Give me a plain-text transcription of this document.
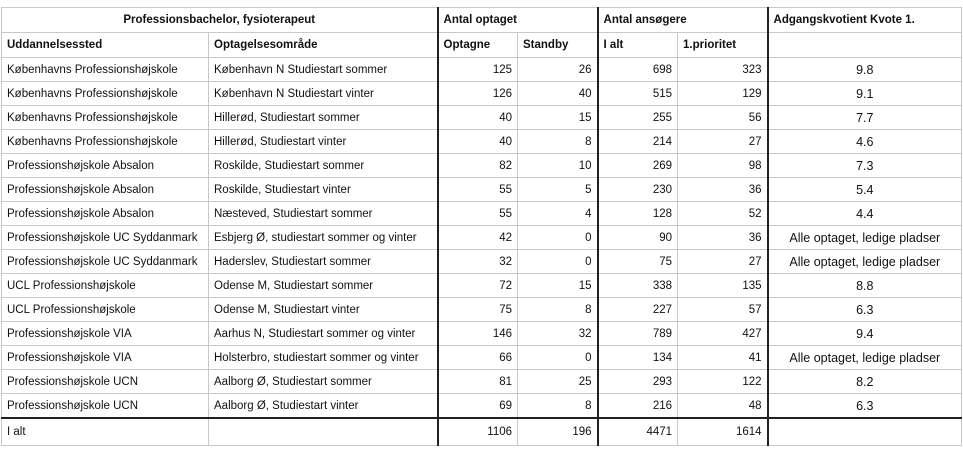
Professionsbachelor, fysioterapeut		Antal optaget		Antal ansøgere		Adgangskvotient Kvote 1.
Uddannelsessted	Optagelsesområde	Optagne	Standby	I alt	1.prioritet	
Københavns Professionshøjskole	København N Studiestart sommer	125	26	698	323	9.8
Københavns Professionshøjskole	København N Studiestart vinter	126	40	515	129	9.1
Københavns Professionshøjskole	Hillerød, Studiestart sommer	40	15	255	56	7.7
Københavns Professionshøjskole	Hillerød, Studiestart vinter	40	8	214	27	4.6
Professionshøjskole Absalon	Roskilde, Studiestart sommer	82	10	269	98	7.3
Professionshøjskole Absalon	Roskilde, Studiestart vinter	55	5	230	36	5.4
Professionshøjskole Absalon	Næsteved, Studiestart sommer	55	4	128	52	4.4
Professionshøjskole UC Syddanmark	Esbjerg Ø, studiestart sommer og vinter	42	0	90	36	Alle optaget, ledige pladser
Professionshøjskole UC Syddanmark	Haderslev, Studiestart sommer	32	0	75	27	Alle optaget, ledige pladser
UCL Professionshøjskole	Odense M, Studiestart sommer	72	15	338	135	8.8
UCL Professionshøjskole	Odense M, Studiestart vinter	75	8	227	57	6.3
Professionshøjskole VIA	Aarhus N, Studiestart sommer og vinter	146	32	789	427	9.4
Professionshøjskole VIA	Holsterbro, studiestart sommer og vinter	66	0	134	41	Alle optaget, ledige pladser
Professionshøjskole UCN	Aalborg Ø, Studiestart sommer	81	25	293	122	8.2
Professionshøjskole UCN	Aalborg Ø, Studiestart vinter	69	8	216	48	6.3
I alt		1106	196	4471	1614	
